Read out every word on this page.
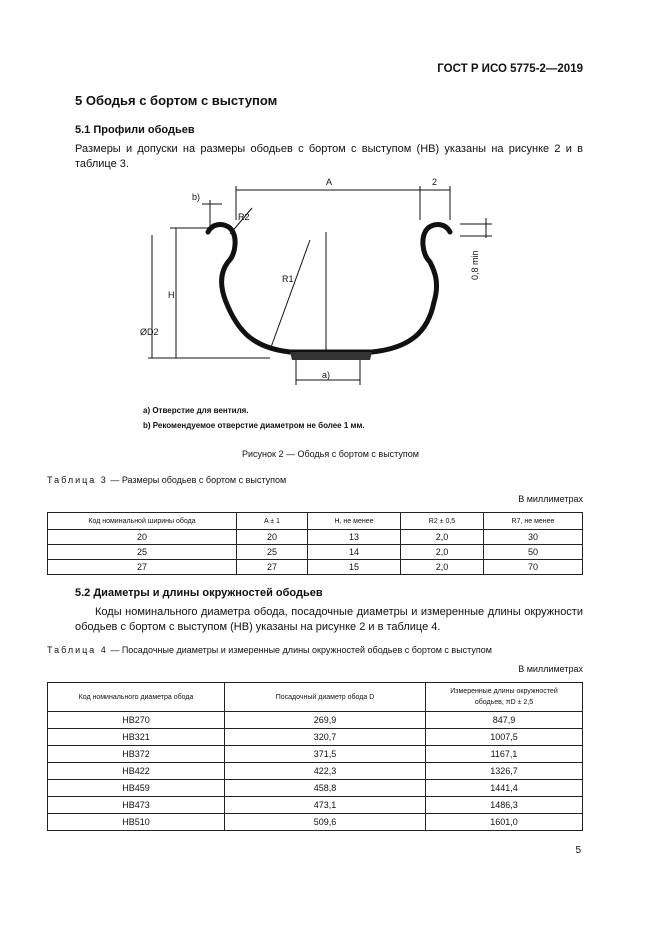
ГОСТ Р ИСО 5775-2—2019
5 Ободья с бортом с выступом
5.1 Профили ободьев
Размеры и допуски на размеры ободьев с бортом с выступом (HB) указаны на рисунке 2 и в таблице 3.
A	2
b)
R2
R1
H
ØD2
a)
0,8 min
a) Отверстие для вентиля.
b) Рекомендуемое отверстие диаметром не более 1 мм.
Рисунок 2 — Ободья с бортом с выступом
Таблица 3 — Размеры ободьев с бортом с выступом
В миллиметрах
Код номинальной ширины обода	A ± 1	H, не менее	R2 ± 0,5	R7, не менее
20	20	13	2,0	30
25	25	14	2,0	50
27	27	15	2,0	70
5.2 Диаметры и длины окружностей ободьев
Коды номинального диаметра обода, посадочные диаметры и измеренные длины окружности ободьев с бортом с выступом (HB) указаны на рисунке 2 и в таблице 4.
Таблица 4 — Посадочные диаметры и измеренные длины окружностей ободьев с бортом с выступом
В миллиметрах
Код номинального диаметра обода	Посадочный диаметр обода D	Измеренные длины окружностей ободьев, πD ± 2,5
HB270	269,9	847,9
HB321	320,7	1007,5
HB372	371,5	1167,1
HB422	422,3	1326,7
HB459	458,8	1441,4
HB473	473,1	1486,3
HB510	509,6	1601,0
5
